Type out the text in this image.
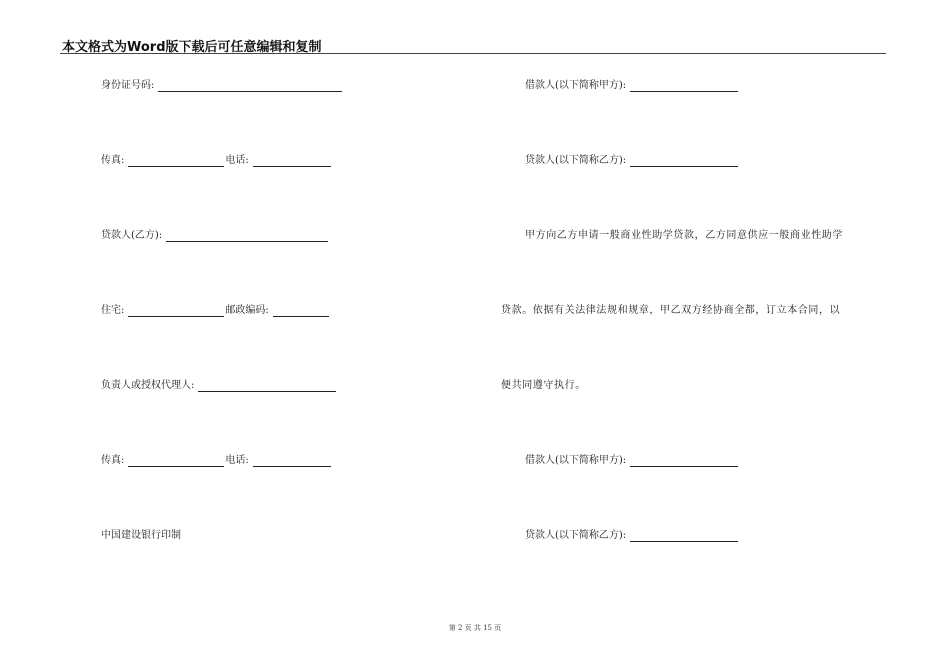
本文格式为Word版下载后可任意编辑和复制
身份证号码:
传真:	电话:
贷款人(乙方):
住宅:	邮政编码:
负责人或授权代理人:
传真:	电话:
中国建设银行印制
借款人(以下简称甲方):
贷款人(以下简称乙方):
甲方向乙方申请一般商业性助学贷款，乙方同意供应一般商业性助学
贷款。依据有关法律法规和规章，甲乙双方经协商全都，订立本合同，以
便共同遵守执行。
借款人(以下简称甲方):
贷款人(以下简称乙方):
第 2 页 共 15 页
